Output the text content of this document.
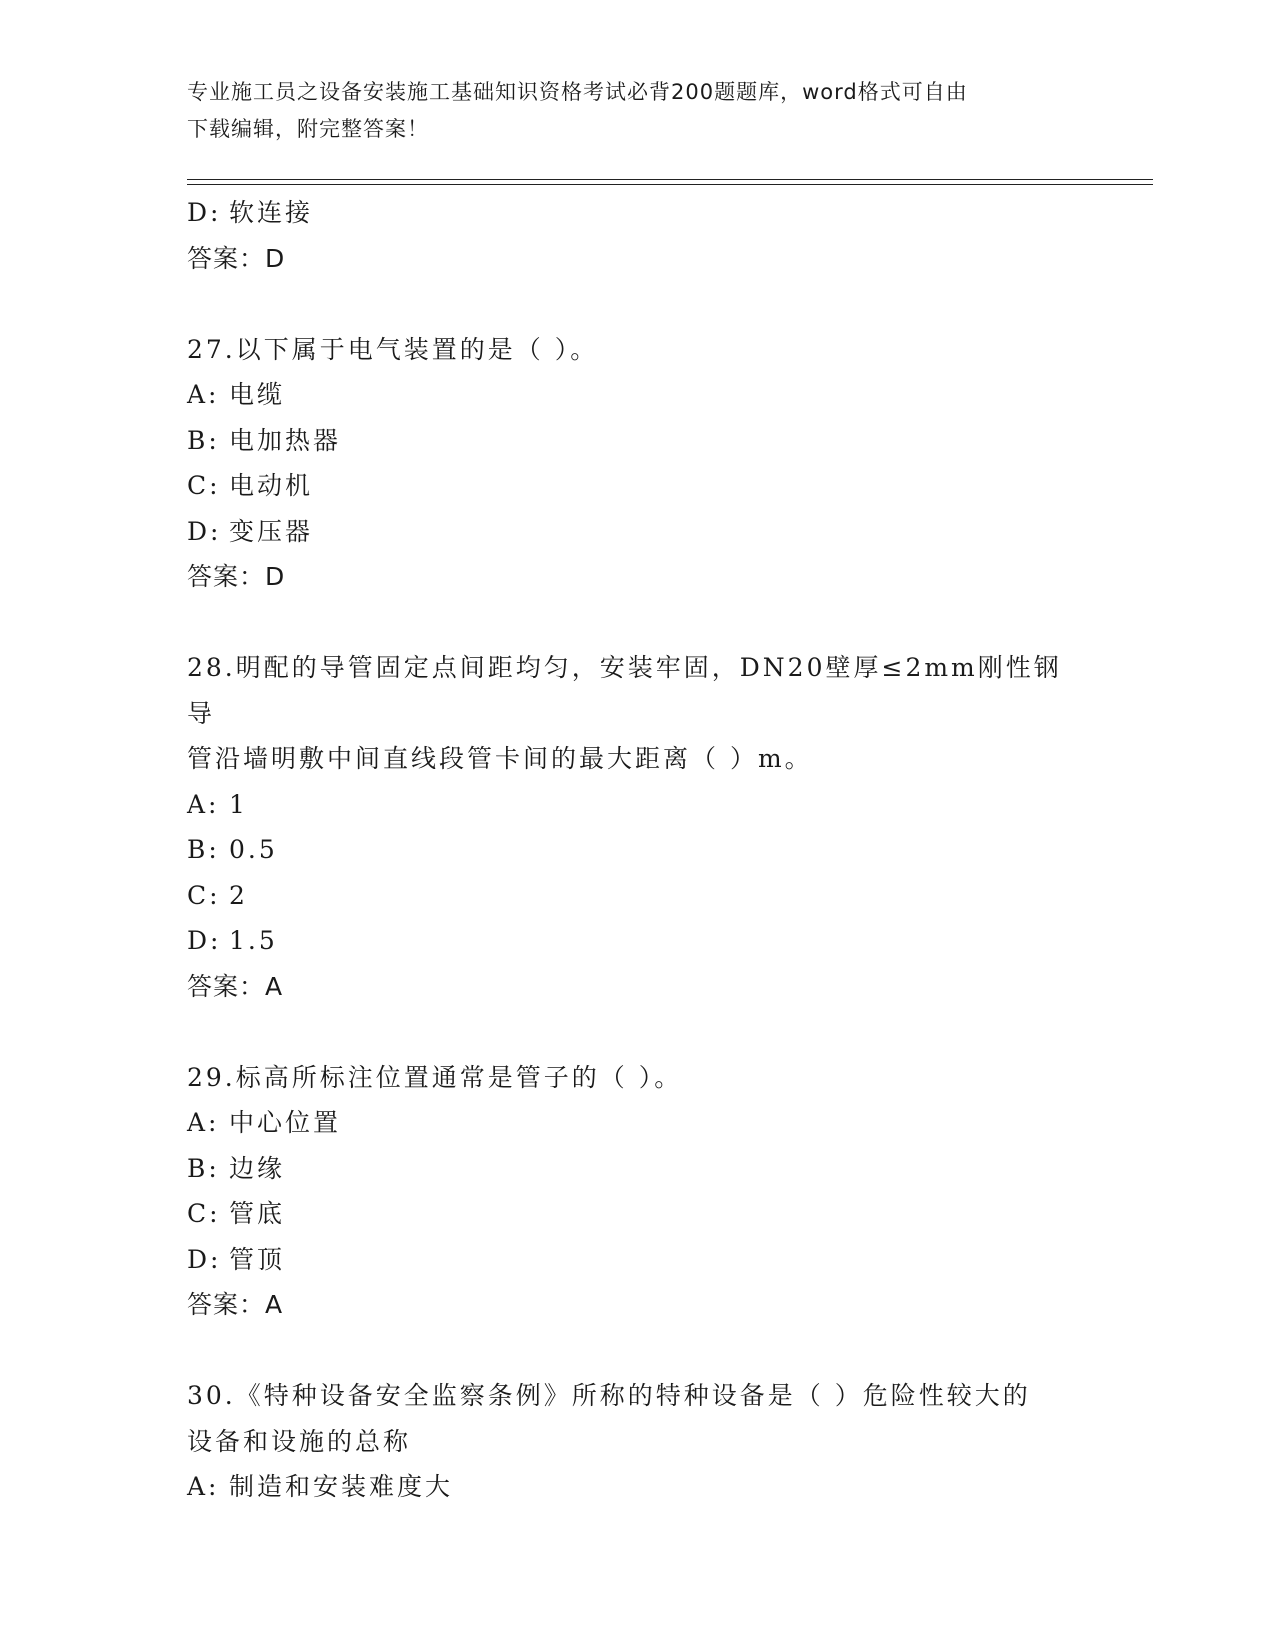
专业施工员之设备安装施工基础知识资格考试必背200题题库，word格式可自由
下载编辑，附完整答案！
D: 软连接
答案：D
27.以下属于电气装置的是（ ）。
A: 电缆
B: 电加热器
C: 电动机
D: 变压器
答案：D
28.明配的导管固定点间距均匀，安装牢固，DN20壁厚≤2mm刚性钢导
管沿墙明敷中间直线段管卡间的最大距离（ ）m。
A: 1
B: 0.5
C: 2
D: 1.5
答案：A
29.标高所标注位置通常是管子的（ ）。
A: 中心位置
B: 边缘
C: 管底
D: 管顶
答案：A
30.《特种设备安全监察条例》所称的特种设备是（ ）危险性较大的
设备和设施的总称
A: 制造和安装难度大
